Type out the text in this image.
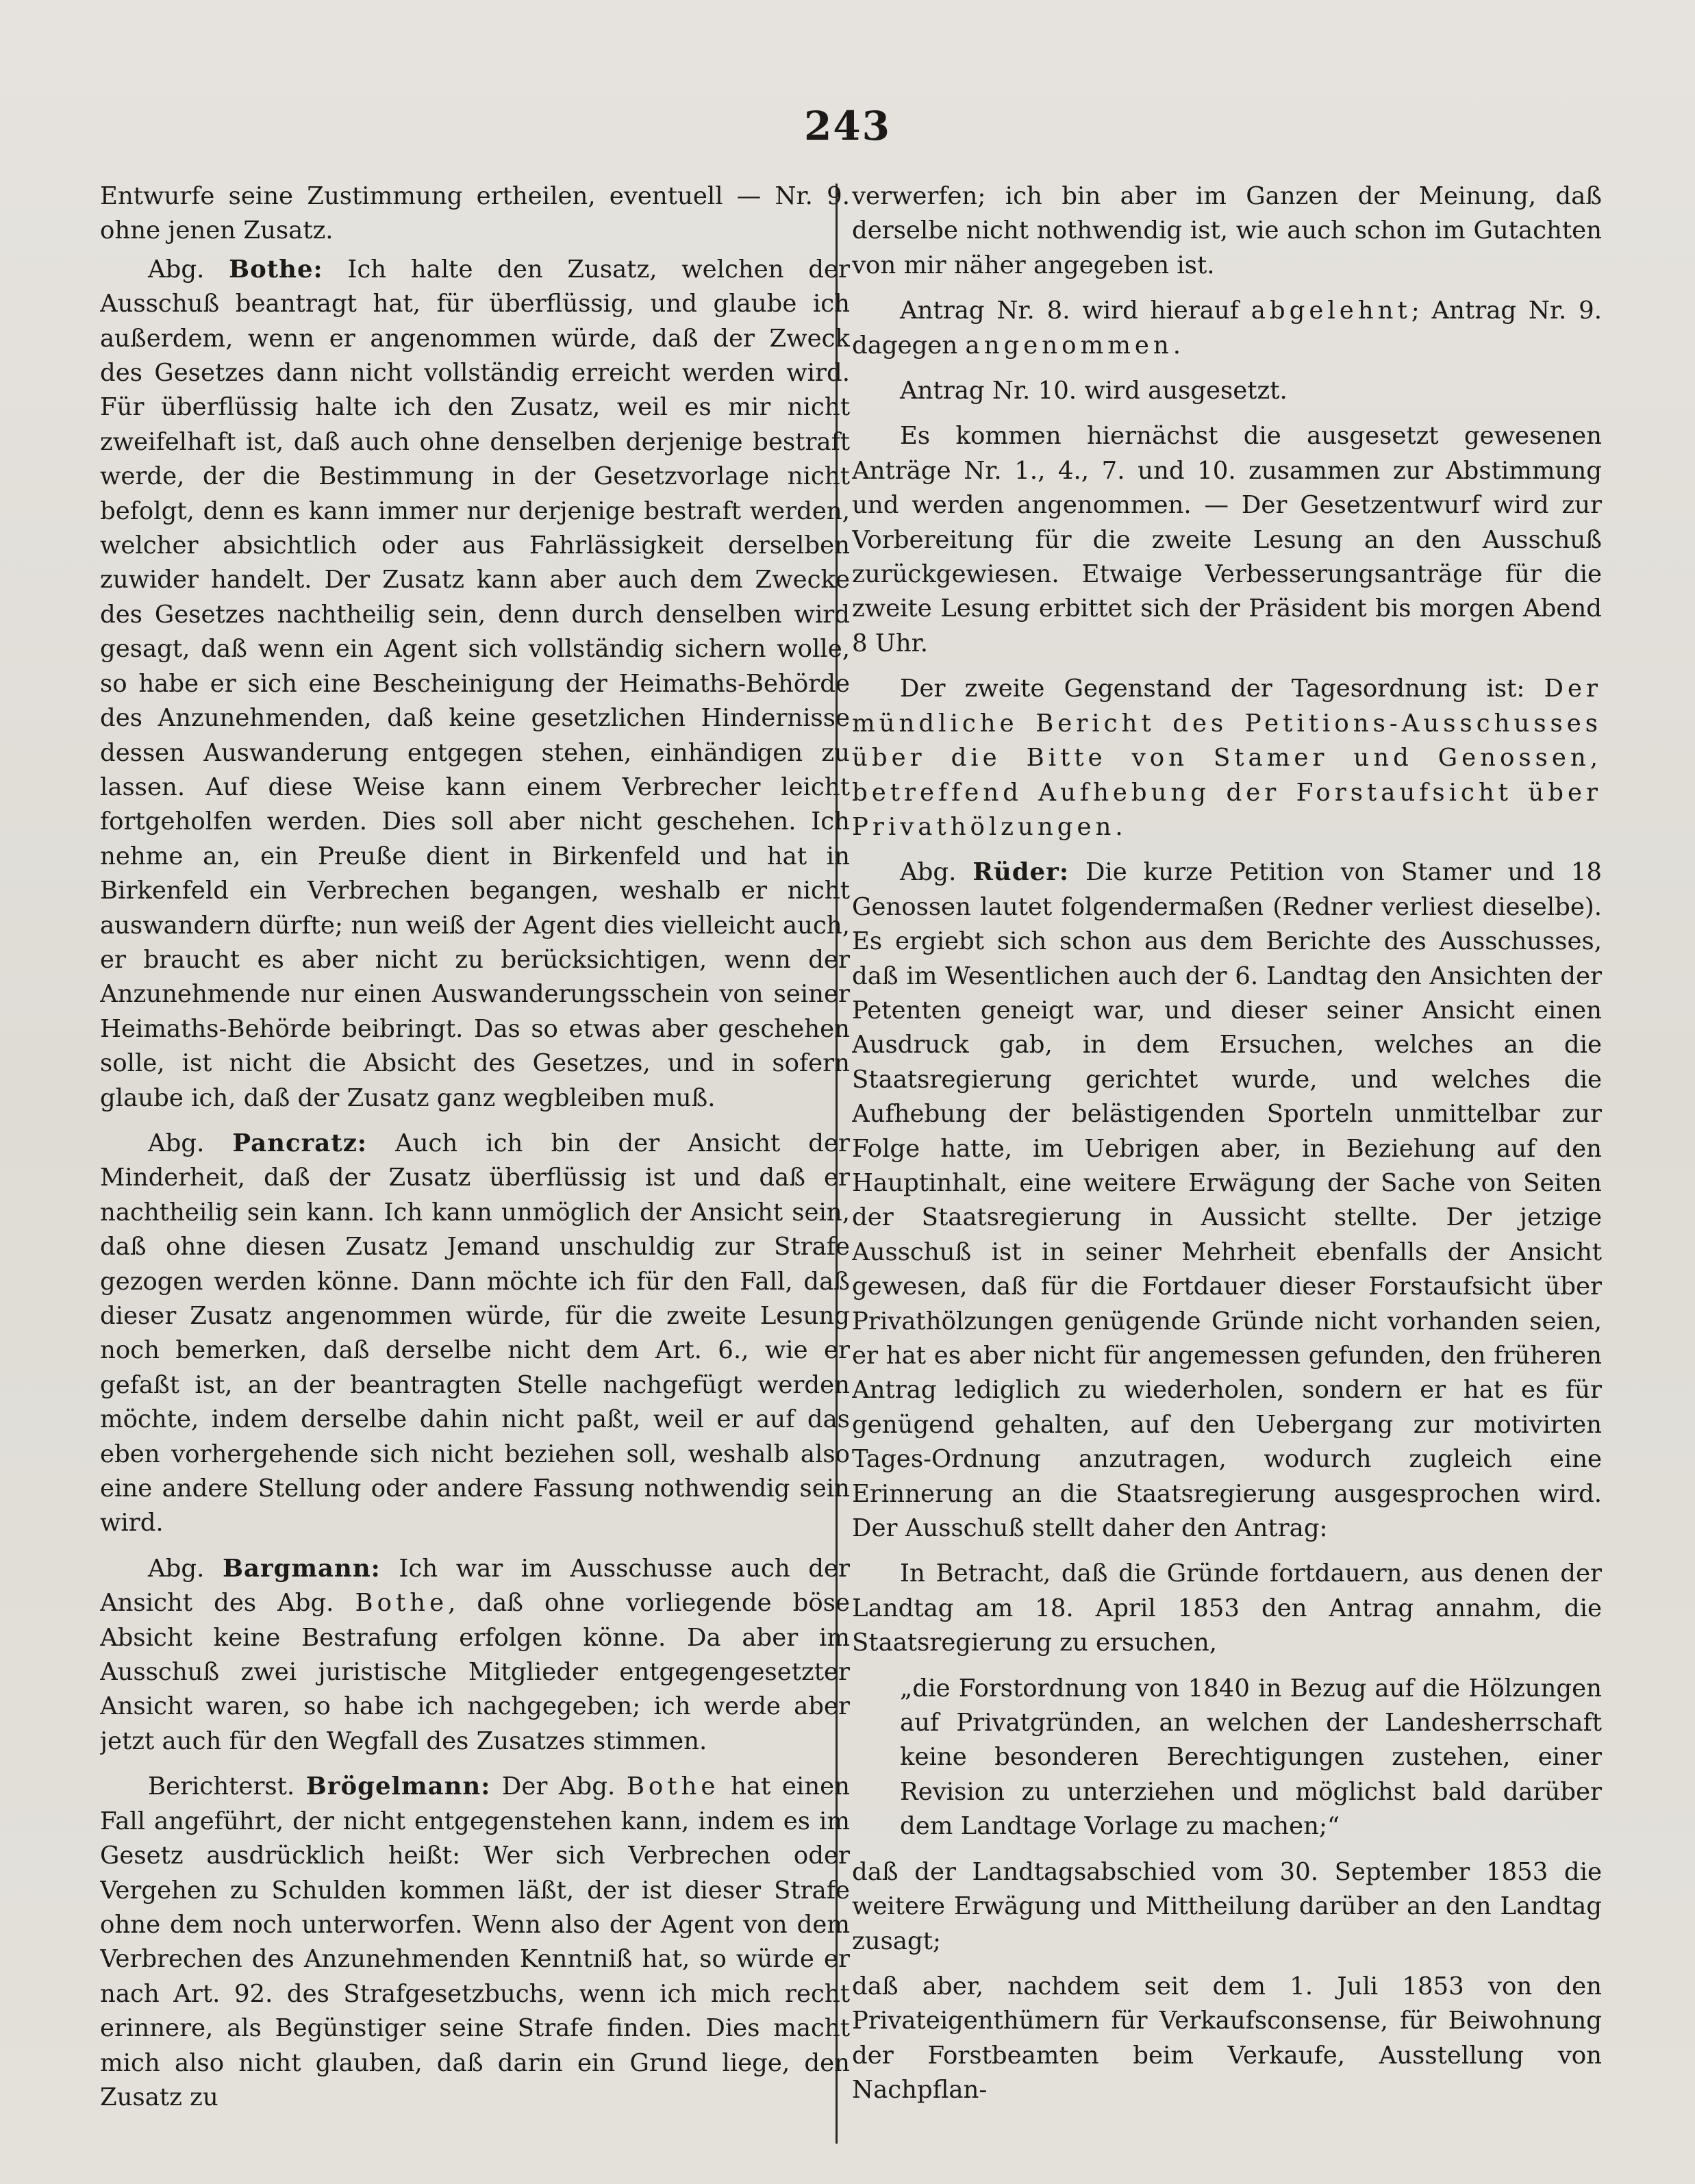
243

Entwurfe seine Zustimmung ertheilen, eventuell — Nr. 9. ohne jenen Zusatz.

Abg. Bothe: Ich halte den Zusatz, welchen der Ausschuß beantragt hat, für überflüssig, und glaube ich außerdem, wenn er angenommen würde, daß der Zweck des Gesetzes dann nicht vollständig erreicht werden wird. Für überflüssig halte ich den Zusatz, weil es mir nicht zweifelhaft ist, daß auch ohne denselben derjenige bestraft werde, der die Bestimmung in der Gesetzvorlage nicht befolgt, denn es kann immer nur derjenige bestraft werden, welcher absichtlich oder aus Fahrlässigkeit derselben zuwider handelt. Der Zusatz kann aber auch dem Zwecke des Gesetzes nachtheilig sein, denn durch denselben wird gesagt, daß wenn ein Agent sich vollständig sichern wolle, so habe er sich eine Bescheinigung der Heimaths-Behörde des Anzunehmenden, daß keine gesetzlichen Hindernisse dessen Auswanderung entgegen stehen, einhändigen zu lassen. Auf diese Weise kann einem Verbrecher leicht fortgeholfen werden. Dies soll aber nicht geschehen. Ich nehme an, ein Preuße dient in Birkenfeld und hat in Birkenfeld ein Verbrechen begangen, weshalb er nicht auswandern dürfte; nun weiß der Agent dies vielleicht auch, er braucht es aber nicht zu berücksichtigen, wenn der Anzunehmende nur einen Auswanderungsschein von seiner Heimaths-Behörde beibringt. Das so etwas aber geschehen solle, ist nicht die Absicht des Gesetzes, und in sofern glaube ich, daß der Zusatz ganz wegbleiben muß.

Abg. Pancratz: Auch ich bin der Ansicht der Minderheit, daß der Zusatz überflüssig ist und daß er nachtheilig sein kann. Ich kann unmöglich der Ansicht sein, daß ohne diesen Zusatz Jemand unschuldig zur Strafe gezogen werden könne. Dann möchte ich für den Fall, daß dieser Zusatz angenommen würde, für die zweite Lesung noch bemerken, daß derselbe nicht dem Art. 6., wie er gefaßt ist, an der beantragten Stelle nachgefügt werden möchte, indem derselbe dahin nicht paßt, weil er auf das eben vorhergehende sich nicht beziehen soll, weshalb also eine andere Stellung oder andere Fassung nothwendig sein wird.

Abg. Bargmann: Ich war im Ausschusse auch der Ansicht des Abg. Bothe, daß ohne vorliegende böse Absicht keine Bestrafung erfolgen könne. Da aber im Ausschuß zwei juristische Mitglieder entgegengesetzter Ansicht waren, so habe ich nachgegeben; ich werde aber jetzt auch für den Wegfall des Zusatzes stimmen.

Berichterst. Brögelmann: Der Abg. Bothe hat einen Fall angeführt, der nicht entgegenstehen kann, indem es im Gesetz ausdrücklich heißt: Wer sich Verbrechen oder Vergehen zu Schulden kommen läßt, der ist dieser Strafe ohne dem noch unterworfen. Wenn also der Agent von dem Verbrechen des Anzunehmenden Kenntniß hat, so würde er nach Art. 92. des Strafgesetzbuchs, wenn ich mich recht erinnere, als Begünstiger seine Strafe finden. Dies macht mich also nicht glauben, daß darin ein Grund liege, den Zusatz zu

verwerfen; ich bin aber im Ganzen der Meinung, daß derselbe nicht nothwendig ist, wie auch schon im Gutachten von mir näher angegeben ist.

Antrag Nr. 8. wird hierauf abgelehnt; Antrag Nr. 9. dagegen angenommen.

Antrag Nr. 10. wird ausgesetzt.

Es kommen hiernächst die ausgesetzt gewesenen Anträge Nr. 1., 4., 7. und 10. zusammen zur Abstimmung und werden angenommen. — Der Gesetzentwurf wird zur Vorbereitung für die zweite Lesung an den Ausschuß zurückgewiesen. Etwaige Verbesserungsanträge für die zweite Lesung erbittet sich der Präsident bis morgen Abend 8 Uhr.

Der zweite Gegenstand der Tagesordnung ist: Der mündliche Bericht des Petitions-Ausschusses über die Bitte von Stamer und Genossen, betreffend Aufhebung der Forstaufsicht über Privathölzungen.

Abg. Rüder: Die kurze Petition von Stamer und 18 Genossen lautet folgendermaßen (Redner verliest dieselbe). Es ergiebt sich schon aus dem Berichte des Ausschusses, daß im Wesentlichen auch der 6. Landtag den Ansichten der Petenten geneigt war, und dieser seiner Ansicht einen Ausdruck gab, in dem Ersuchen, welches an die Staatsregierung gerichtet wurde, und welches die Aufhebung der belästigenden Sporteln unmittelbar zur Folge hatte, im Uebrigen aber, in Beziehung auf den Hauptinhalt, eine weitere Erwägung der Sache von Seiten der Staatsregierung in Aussicht stellte. Der jetzige Ausschuß ist in seiner Mehrheit ebenfalls der Ansicht gewesen, daß für die Fortdauer dieser Forstaufsicht über Privathölzungen genügende Gründe nicht vorhanden seien, er hat es aber nicht für angemessen gefunden, den früheren Antrag lediglich zu wiederholen, sondern er hat es für genügend gehalten, auf den Uebergang zur motivirten Tages-Ordnung anzutragen, wodurch zugleich eine Erinnerung an die Staatsregierung ausgesprochen wird. Der Ausschuß stellt daher den Antrag:

In Betracht, daß die Gründe fortdauern, aus denen der Landtag am 18. April 1853 den Antrag annahm, die Staatsregierung zu ersuchen,

„die Forstordnung von 1840 in Bezug auf die Hölzungen auf Privatgründen, an welchen der Landesherrschaft keine besonderen Berechtigungen zustehen, einer Revision zu unterziehen und möglichst bald darüber dem Landtage Vorlage zu machen;“

daß der Landtagsabschied vom 30. September 1853 die weitere Erwägung und Mittheilung darüber an den Landtag zusagt;

daß aber, nachdem seit dem 1. Juli 1853 von den Privateigenthümern für Verkaufsconsense, für Beiwohnung der Forstbeamten beim Verkaufe, Ausstellung von Nachpflan-
